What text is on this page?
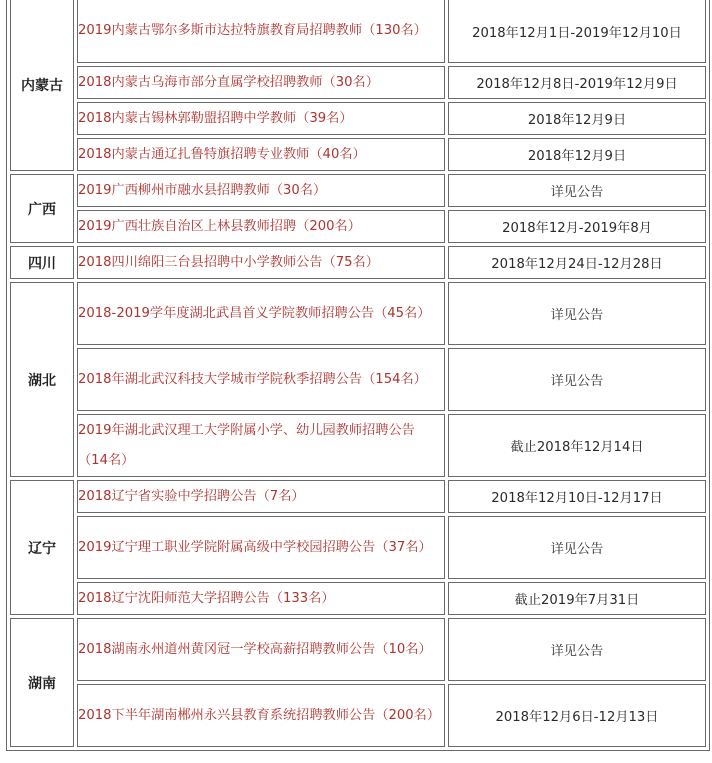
内蒙古	2019内蒙古鄂尔多斯市达拉特旗教育局招聘教师（130名）	2018年12月1日-2019年12月10日
	2018内蒙古乌海市部分直属学校招聘教师（30名）	2018年12月8日-2019年12月9日
	2018内蒙古锡林郭勒盟招聘中学教师（39名）	2018年12月9日
	2018内蒙古通辽扎鲁特旗招聘专业教师（40名）	2018年12月9日
广西	2019广西柳州市融水县招聘教师（30名）	详见公告
	2019广西壮族自治区上林县教师招聘（200名）	2018年12月-2019年8月
四川	2018四川绵阳三台县招聘中小学教师公告（75名）	2018年12月24日-12月28日
湖北	2018-2019学年度湖北武昌首义学院教师招聘公告（45名）	详见公告
	2018年湖北武汉科技大学城市学院秋季招聘公告（154名）	详见公告
	2019年湖北武汉理工大学附属小学、幼儿园教师招聘公告（14名）	截止2018年12月14日
辽宁	2018辽宁省实验中学招聘公告（7名）	2018年12月10日-12月17日
	2019辽宁理工职业学院附属高级中学校园招聘公告（37名）	详见公告
	2018辽宁沈阳师范大学招聘公告（133名）	截止2019年7月31日
湖南	2018湖南永州道州黄冈冠一学校高薪招聘教师公告（10名）	详见公告
	2018下半年湖南郴州永兴县教育系统招聘教师公告（200名）	2018年12月6日-12月13日
